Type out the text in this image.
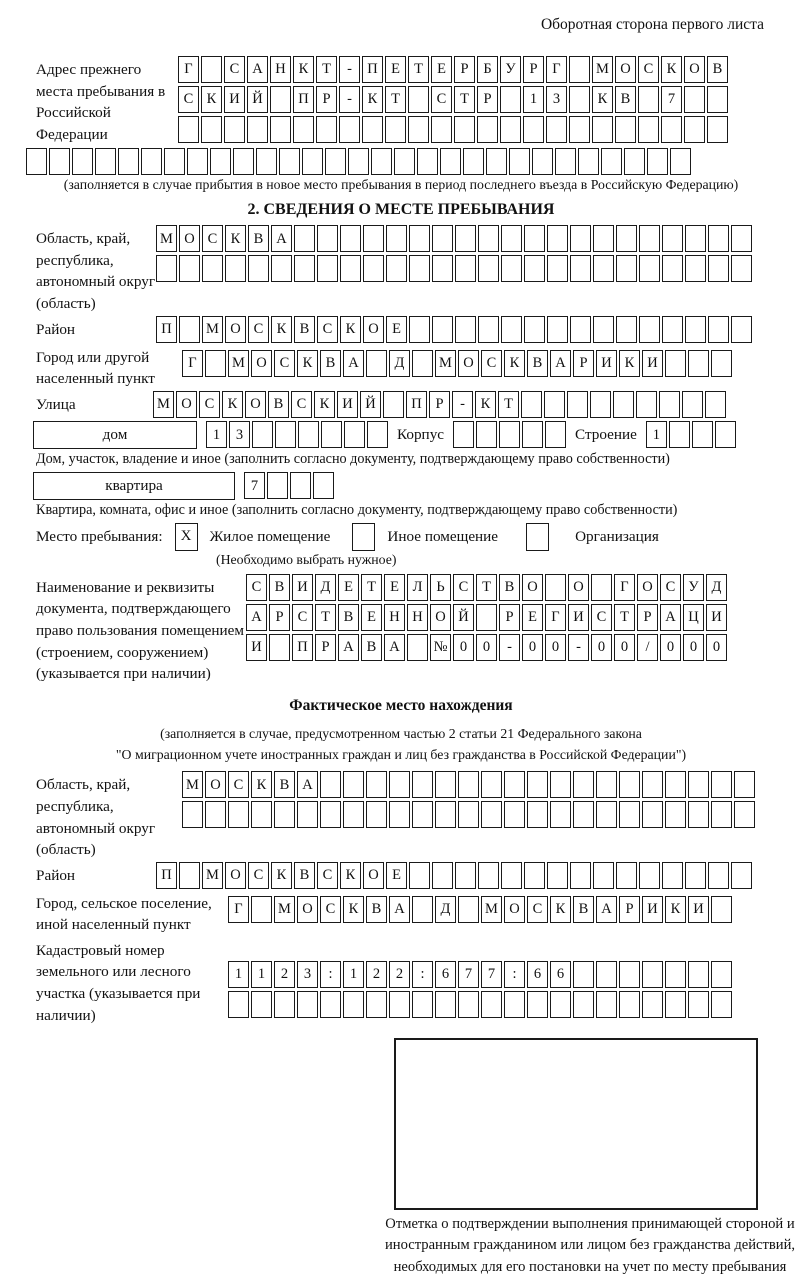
Оборотная сторона первого листа
Адрес прежнего места пребывания в Российской Федерации
Г	С А Н К Т	-	П Е Т Е	Р	Б У Р	Г	М О С К О В
С К И Й	П Р	-	К Т	С Т	Р	1	3	К В	7
(заполняется в случае прибытия в новое место пребывания в период последнего въезда в Российскую Федерацию)
2. СВЕДЕНИЯ О МЕСТЕ ПРЕБЫВАНИЯ
Область, край, республика, автономный округ (область)
М О С К В А
Район	П	М О С К В С К О Е
Город или другой населенный пункт
Г	М О С К В А	Д	М О С К В А Р И К И
Улица	М О С К О В С К И Й	П Р	-	К Т
дом	1	3	Корпус	Строение	1
Дом, участок, владение и иное (заполнить согласно документу, подтверждающему право собственности)
квартира	7
Квартира, комната, офис и иное (заполнить согласно документу, подтверждающему право собственности)
Место пребывания:	X	Жилое помещение	Иное помещение	Организация
(Необходимо выбрать нужное)
Наименование и реквизиты документа, подтверждающего право пользования помещением (строением, сооружением) (указывается при наличии)
С В И Д Е Т Е Л Ь С Т В О	О	Г О С У Д
А Р С Т В Е Н Н О Й	Р	Е Г И С Т	Р А Ц И
И	П Р А В А	№ 0	0	-	0	0	-	0	0	/	0	0	0
Фактическое место нахождения
(заполняется в случае, предусмотренном частью 2 статьи 21 Федерального закона
"О миграционном учете иностранных граждан и лиц без гражданства в Российской Федерации")
Область, край, республика, автономный округ (область)
М О С К В А
Район	П	М О С К В С К О Е
Город, сельское поселение, иной населенный пункт
Г	М О С К В А	Д	М О С К В А Р И К И
Кадастровый номер земельного или лесного участка (указывается при наличии)
1	1	2	3	:	1	2	2	:	6	7	7	:	6	6
Отметка о подтверждении выполнения принимающей стороной и иностранным гражданином или лицом без гражданства действий, необходимых для его постановки на учет по месту пребывания
